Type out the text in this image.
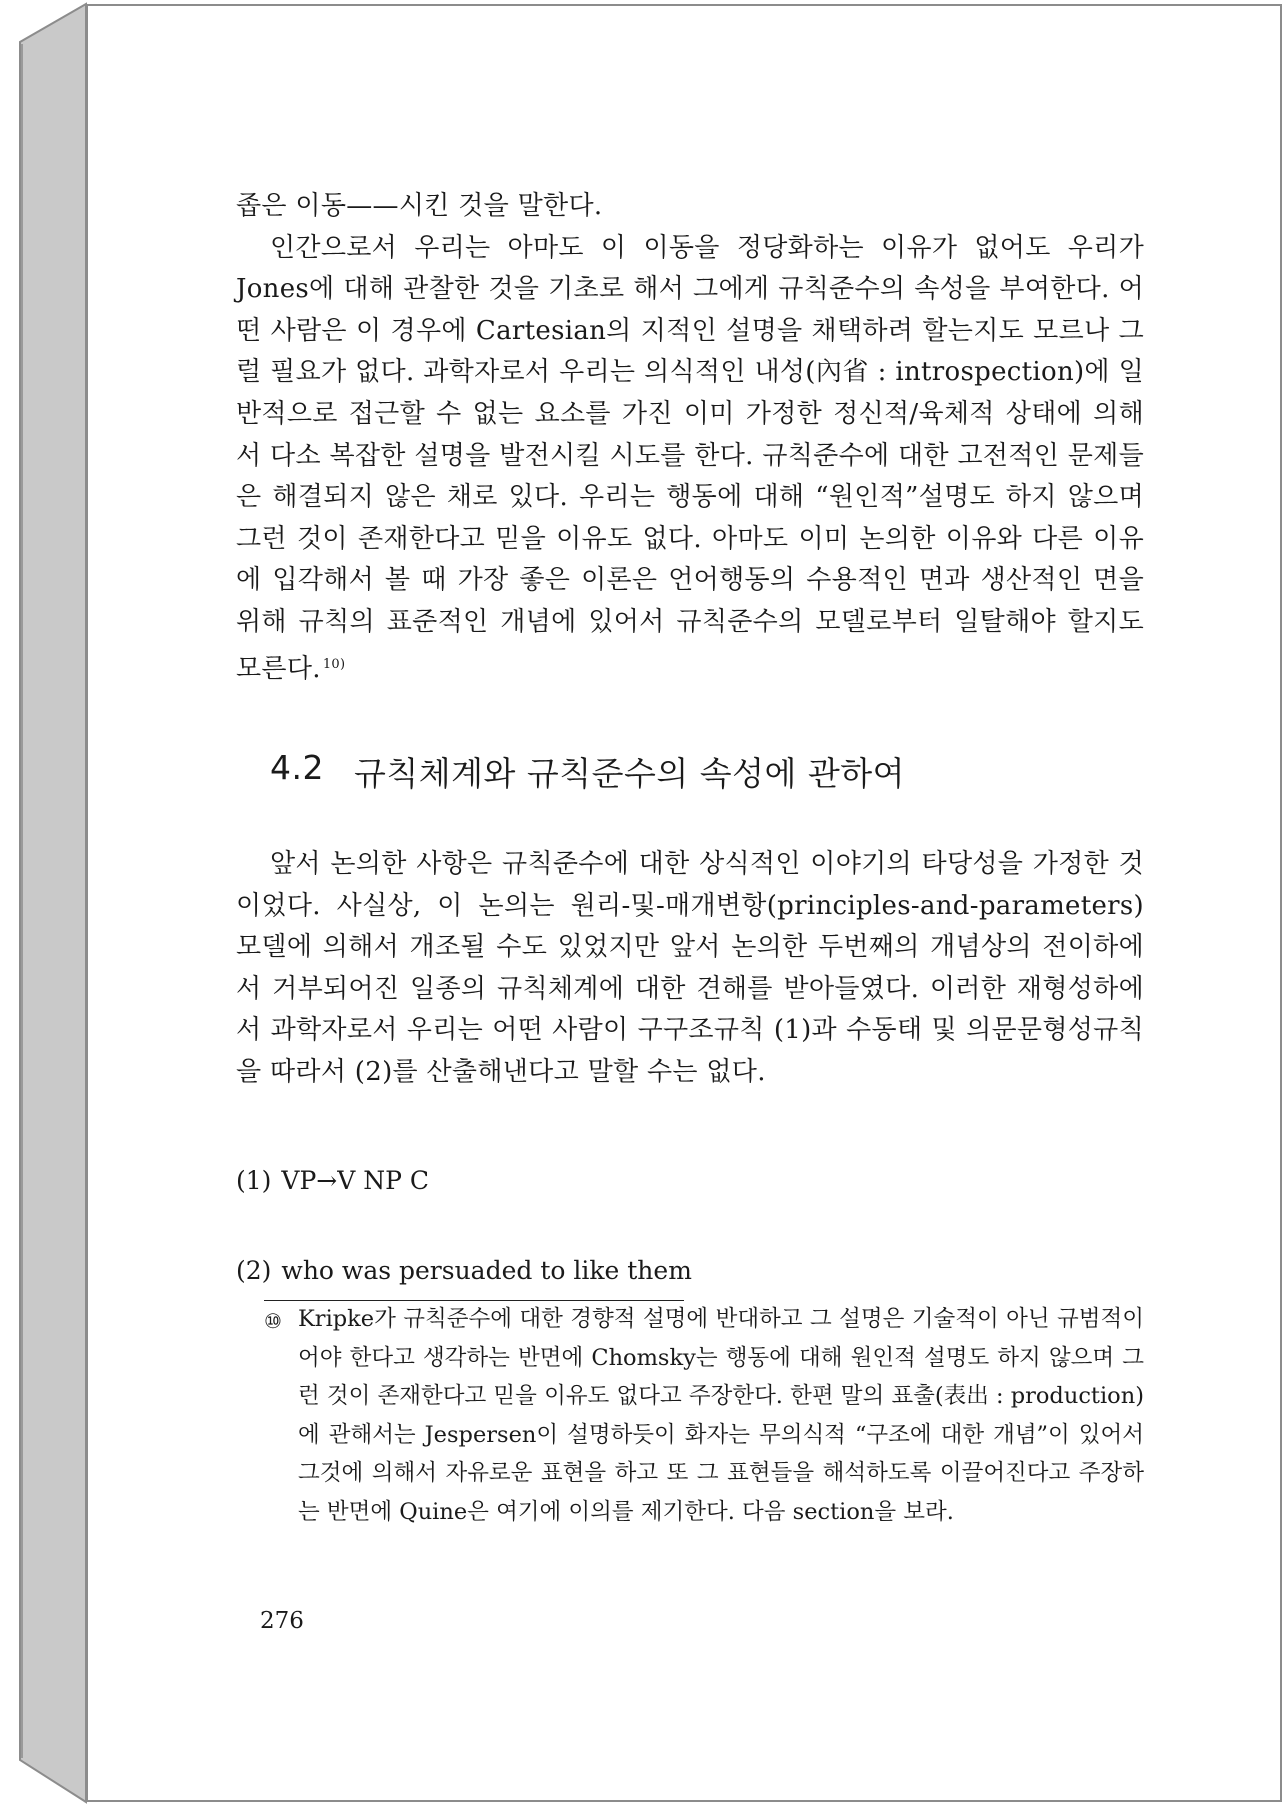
좁은 이동——시킨 것을 말한다.

인간으로서 우리는 아마도 이 이동을 정당화하는 이유가 없어도 우리가 Jones에 대해 관찰한 것을 기초로 해서 그에게 규칙준수의 속성을 부여한다. 어떤 사람은 이 경우에 Cartesian의 지적인 설명을 채택하려 할는지도 모르나 그럴 필요가 없다. 과학자로서 우리는 의식적인 내성(內省 : introspection)에 일반적으로 접근할 수 없는 요소를 가진 이미 가정한 정신적/육체적 상태에 의해서 다소 복잡한 설명을 발전시킬 시도를 한다. 규칙준수에 대한 고전적인 문제들은 해결되지 않은 채로 있다. 우리는 행동에 대해 “원인적”설명도 하지 않으며 그런 것이 존재한다고 믿을 이유도 없다. 아마도 이미 논의한 이유와 다른 이유에 입각해서 볼 때 가장 좋은 이론은 언어행동의 수용적인 면과 생산적인 면을 위해 규칙의 표준적인 개념에 있어서 규칙준수의 모델로부터 일탈해야 할지도 모른다. $^{10)}$

4.2 규칙체계와 규칙준수의 속성에 관하여

앞서 논의한 사항은 규칙준수에 대한 상식적인 이야기의 타당성을 가정한 것이었다. 사실상, 이 논의는 원리-및-매개변항(principles-and-parameters) 모델에 의해서 개조될 수도 있었지만 앞서 논의한 두번째의 개념상의 전이하에서 거부되어진 일종의 규칙체계에 대한 견해를 받아들였다. 이러한 재형성하에서 과학자로서 우리는 어떤 사람이 구구조규칙 (1)과 수동태 및 의문문형성규칙을 따라서 (2)를 산출해낸다고 말할 수는 없다.

(1) VP→V NP C

(2) who was persuaded to like them

⑩ Kripke가 규칙준수에 대한 경향적 설명에 반대하고 그 설명은 기술적이 아닌 규범적이어야 한다고 생각하는 반면에 Chomsky는 행동에 대해 원인적 설명도 하지 않으며 그런 것이 존재한다고 믿을 이유도 없다고 주장한다. 한편 말의 표출(表出 : production)에 관해서는 Jespersen이 설명하듯이 화자는 무의식적 “구조에 대한 개념”이 있어서 그것에 의해서 자유로운 표현을 하고 또 그 표현들을 해석하도록 이끌어진다고 주장하는 반면에 Quine은 여기에 이의를 제기한다. 다음 section을 보라.

276
